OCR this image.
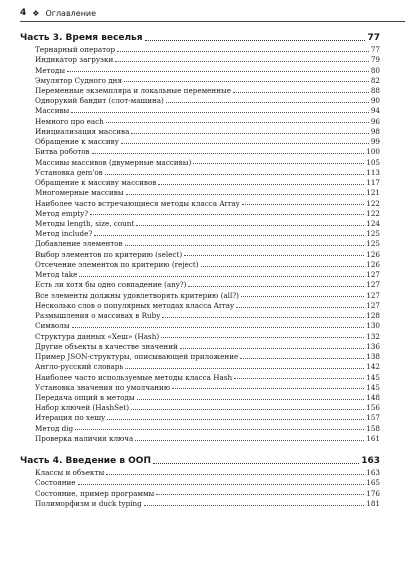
4 ❖ Оглавление
Часть 3. Время веселья	77
Тернарный оператор	77
Индикатор загрузки	79
Методы	80
Эмулятор Судного дня	82
Переменные экземпляра и локальные переменные	88
Однорукий бандит (слот-машина)	90
Массивы	94
Немного про each	96
Инициализация массива	98
Обращение к массиву	99
Битва роботов	100
Массивы массивов (двумерные массивы)	105
Установка gem'ов	113
Обращение к массиву массивов	117
Многомерные массивы	121
Наиболее часто встречающиеся методы класса Array	122
Метод empty?	122
Методы length, size, count	124
Метод include?	125
Добавление элементов	125
Выбор элементов по критерию (select)	126
Отсечение элементов по критерию (reject)	126
Метод take	127
Есть ли хотя бы одно совпадение (any?)	127
Все элементы должны удовлетворять критерию (all?)	127
Несколько слов о популярных методах класса Array	127
Размышления о массивах в Ruby	128
Символы	130
Структура данных «Хеш» (Hash)	132
Другие объекты в качестве значений	136
Пример JSON-структуры, описывающей приложение	138
Англо-русский словарь	142
Наиболее часто используемые методы класса Hash	145
Установка значения по умолчанию	145
Передача опций в методы	148
Набор ключей (HashSet)	156
Итерация по хешу	157
Метод dig	158
Проверка наличия ключа	161
Часть 4. Введение в ООП	163
Классы и объекты	163
Состояние	165
Состояние, пример программы	176
Полиморфизм и duck typing	181
